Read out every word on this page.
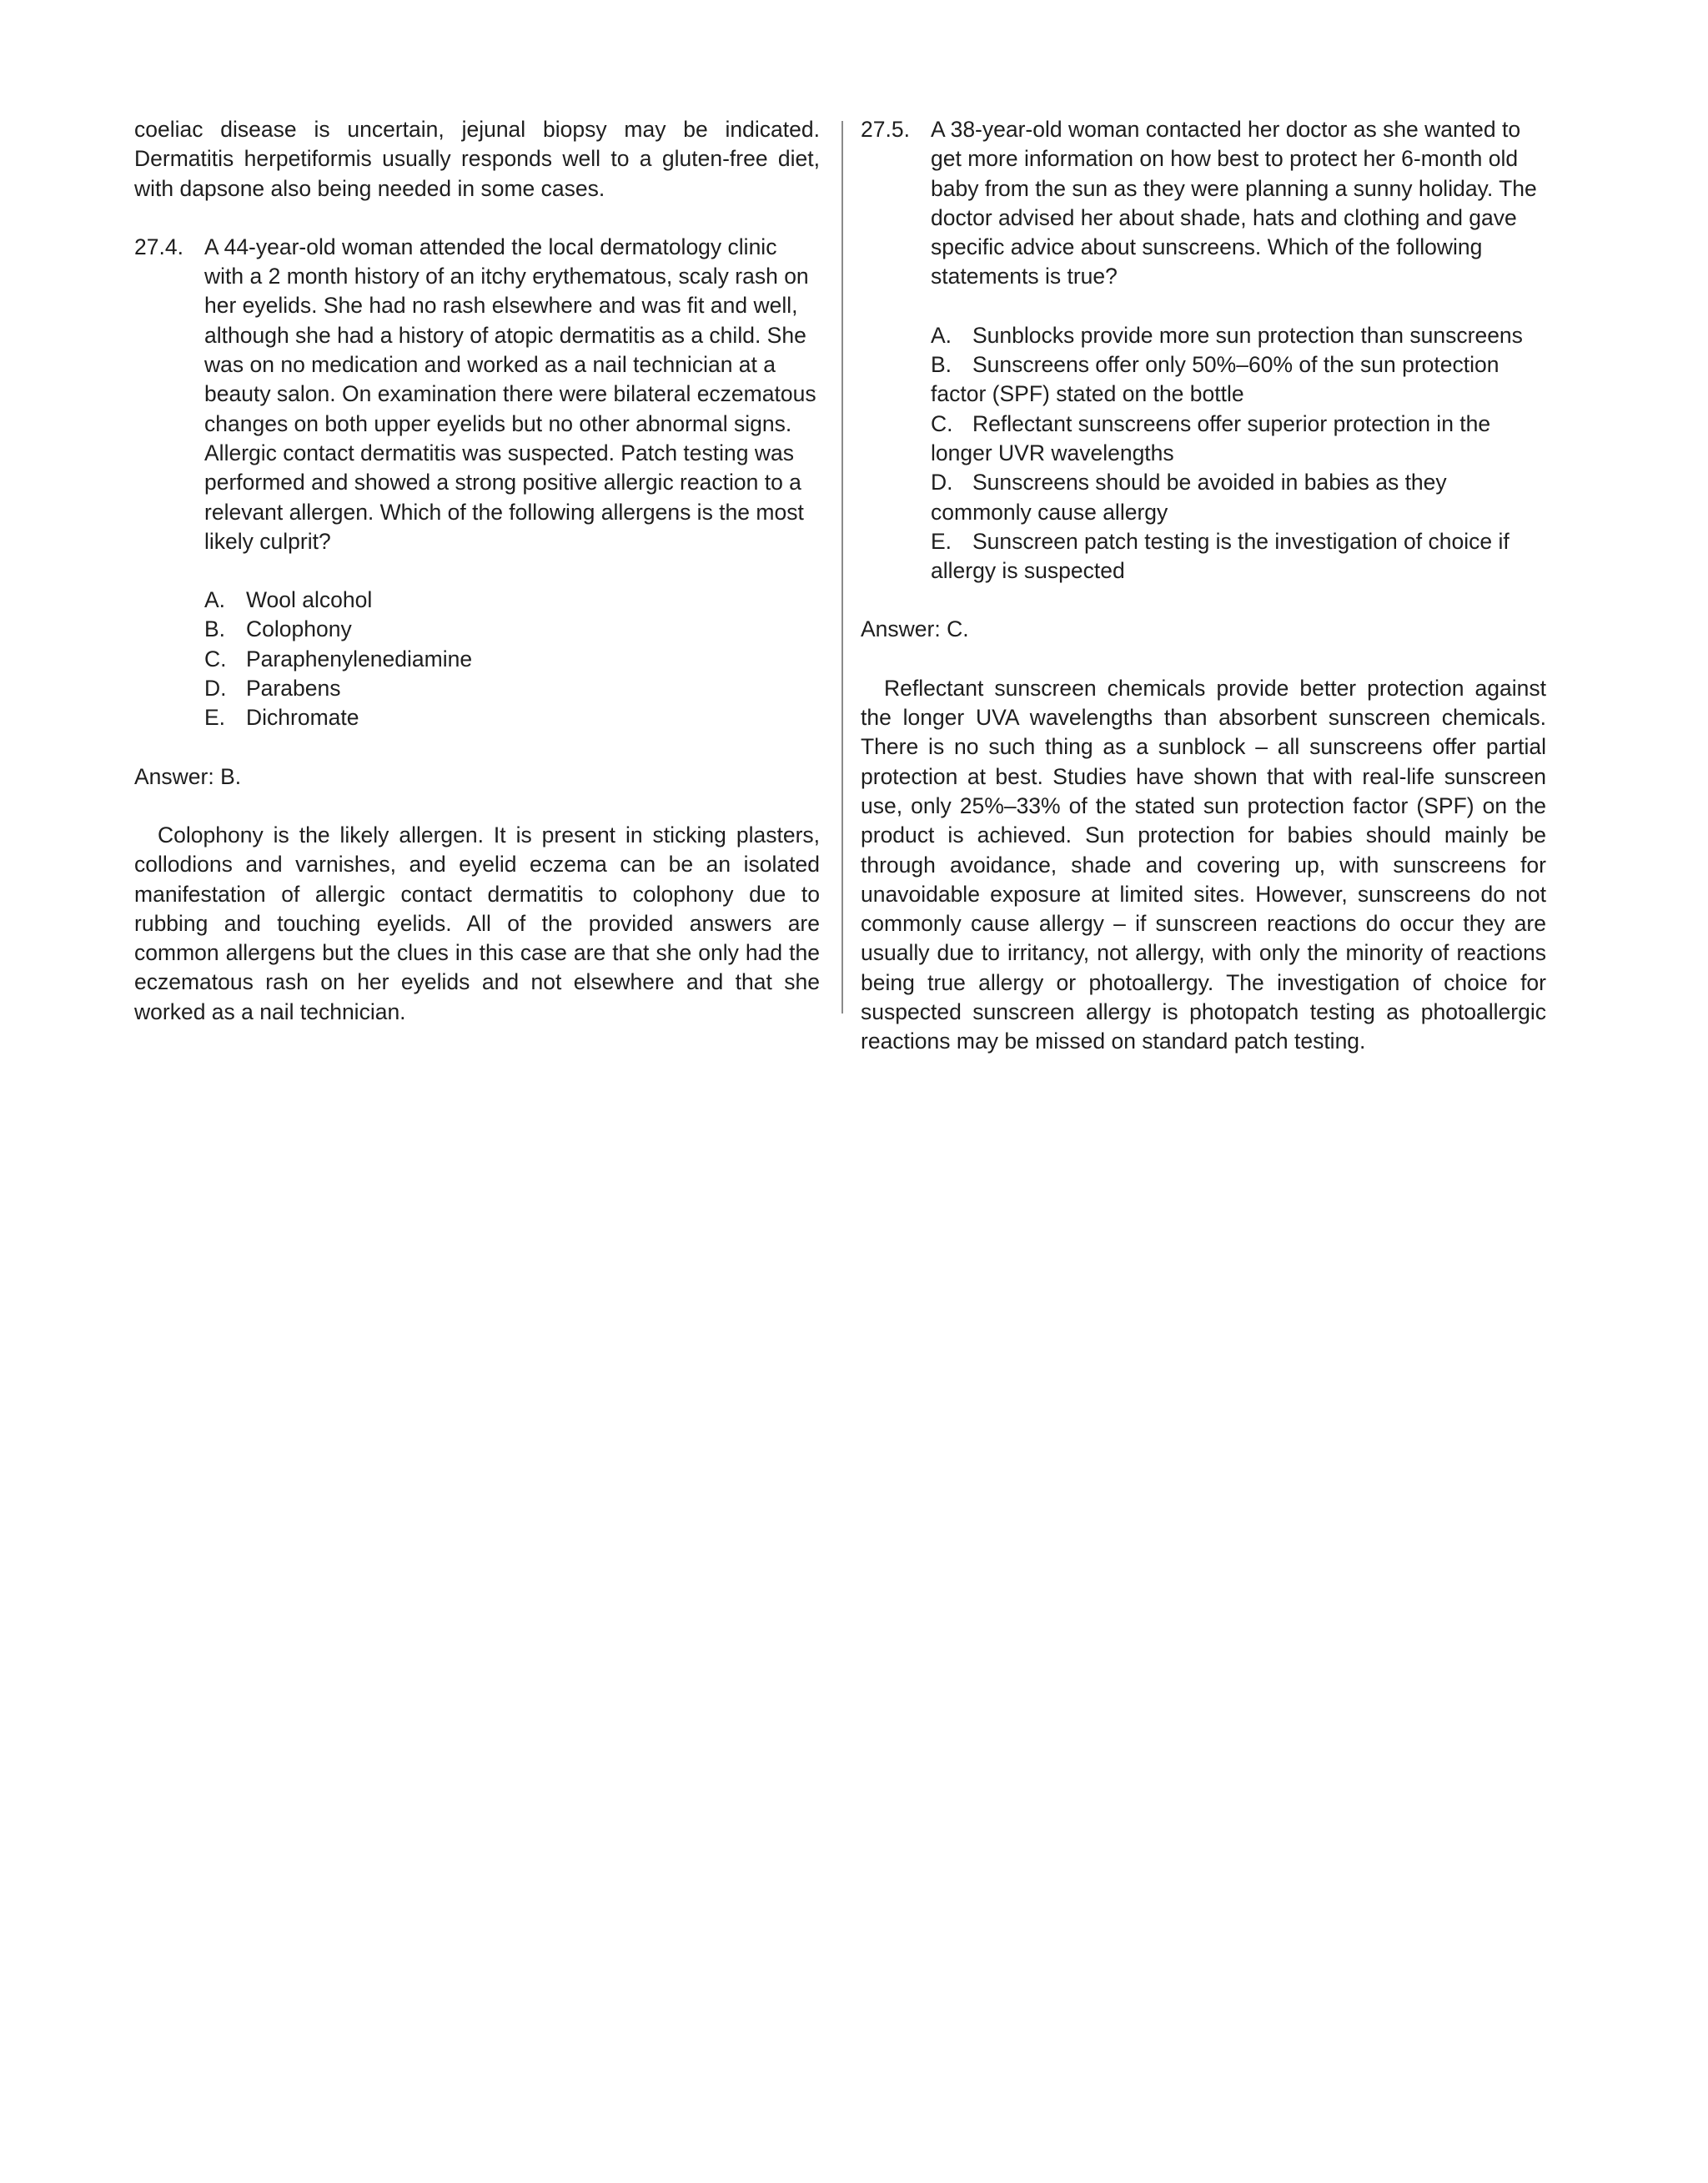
coeliac disease is uncertain, jejunal biopsy may be indicated. Dermatitis herpetiformis usually responds well to a gluten-free diet, with dapsone also being needed in some cases.

27.4. A 44-year-old woman attended the local dermatology clinic with a 2 month history of an itchy erythematous, scaly rash on her eyelids. She had no rash elsewhere and was fit and well, although she had a history of atopic dermatitis as a child. She was on no medication and worked as a nail technician at a beauty salon. On examination there were bilateral eczematous changes on both upper eyelids but no other abnormal signs. Allergic contact dermatitis was suspected. Patch testing was performed and showed a strong positive allergic reaction to a relevant allergen. Which of the following allergens is the most likely culprit?

A. Wool alcohol
B. Colophony
C. Paraphenylenediamine
D. Parabens
E. Dichromate

Answer: B.

Colophony is the likely allergen. It is present in sticking plasters, collodions and varnishes, and eyelid eczema can be an isolated manifestation of allergic contact dermatitis to colophony due to rubbing and touching eyelids. All of the provided answers are common allergens but the clues in this case are that she only had the eczematous rash on her eyelids and not elsewhere and that she worked as a nail technician.

27.5. A 38-year-old woman contacted her doctor as she wanted to get more information on how best to protect her 6-month old baby from the sun as they were planning a sunny holiday. The doctor advised her about shade, hats and clothing and gave specific advice about sunscreens. Which of the following statements is true?

A. Sunblocks provide more sun protection than sunscreens
B. Sunscreens offer only 50%–60% of the sun protection factor (SPF) stated on the bottle
C. Reflectant sunscreens offer superior protection in the longer UVR wavelengths
D. Sunscreens should be avoided in babies as they commonly cause allergy
E. Sunscreen patch testing is the investigation of choice if allergy is suspected

Answer: C.

Reflectant sunscreen chemicals provide better protection against the longer UVA wavelengths than absorbent sunscreen chemicals. There is no such thing as a sunblock – all sunscreens offer partial protection at best. Studies have shown that with real-life sunscreen use, only 25%–33% of the stated sun protection factor (SPF) on the product is achieved. Sun protection for babies should mainly be through avoidance, shade and covering up, with sunscreens for unavoidable exposure at limited sites. However, sunscreens do not commonly cause allergy – if sunscreen reactions do occur they are usually due to irritancy, not allergy, with only the minority of reactions being true allergy or photoallergy. The investigation of choice for suspected sunscreen allergy is photopatch testing as photoallergic reactions may be missed on standard patch testing.
